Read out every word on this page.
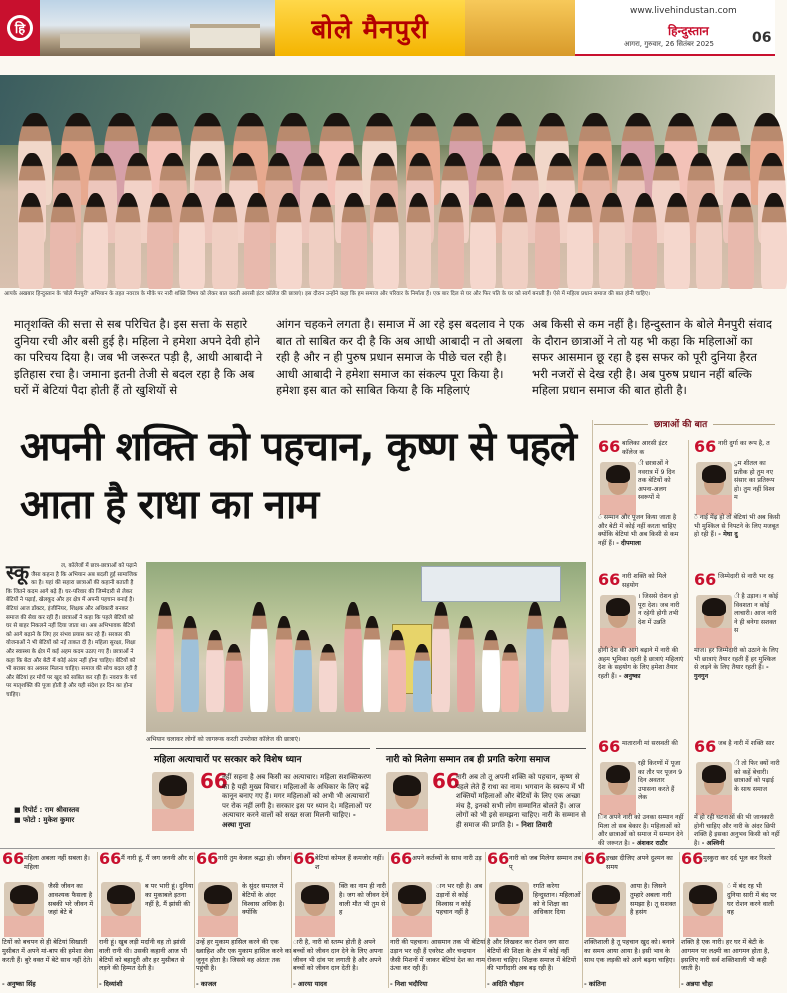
हि	बोले मैनपुरी
www.livehindustan.com
हिन्दुस्तान
आगरा, गुरुवार, 26 सितंबर 2025	06
आपके अखबार हिन्दुस्तान के 'बोले मैनपुरी' अभियान के तहत नवरात्र के मौके पर नारी शक्ति विषय को लेकर बात करती आरसी इंटर कॉलेज की छात्राएं। इस दौरान उन्होंने कहा कि हम समाज और परिवार के निर्माता हैं। एक बार दिल से घर और फिर पति के घर को स्वर्ग बनाती हैं। ऐसे में महिला प्रधान समाज की बात होनी चाहिए।

मातृशक्ति की सत्ता से सब परिचित है। इस सत्ता के सहारे दुनिया रची और बसी हुई है। महिला ने हमेशा अपने देवी होने का परिचय दिया है। जब भी जरूरत पड़ी है, आधी आबादी ने इतिहास रचा है। जमाना इतनी तेजी से बदल रहा है कि अब घरों में बेटियां पैदा होती हैं तो खुशियों से

आंगन चहकने लगता है। समाज में आ रहे इस बदलाव ने एक बात तो साबित कर दी है कि अब आधी आबादी न तो अबला रही है और न ही पुरुष प्रधान समाज के पीछे चल रही है। आधी आबादी ने हमेशा समाज का संकल्प पूरा किया है। हमेशा इस बात को साबित किया है कि महिलाएं

अब किसी से कम नहीं है। हिन्दुस्तान के बोले मैनपुरी संवाद के दौरान छात्राओं ने तो यह भी कहा कि महिलाओं का सफर आसमान छू रहा है इस सफर को पूरी दुनिया हैरत भरी नजरों से देख रही है। अब पुरुष प्रधान नहीं बल्कि महिला प्रधान समाज की बात होती है।

अपनी शक्ति को पहचान, कृष्ण से पहले आता है राधा का नाम

स्कू	ल, कॉलेजों में छात्र-छात्राओं को पढ़ाने जैसा कहना है कि अभियान अब बदली हुई सामाजिक का है। यहां की सहारा छात्राओं की कहानी बताती है कि जितने कदम आगे बढ़े हैं। घर-परिवार की जिम्मेदारी से लेकर बेटियों ने पढ़ाई, खेलकूद और हर क्षेत्र में अपनी पहचान बनाई है। बेटियां आज डॉक्टर, इंजीनियर, शिक्षक और अधिकारी बनकर समाज की सेवा कर रही हैं। छात्राओं ने कहा कि पहले बेटियों को घर से बाहर निकलने नहीं दिया जाता था। अब अभिभावक बेटियों को आगे बढ़ाने के लिए हर संभव प्रयास कर रहे हैं। सरकार की योजनाओं ने भी बेटियों को नई ताकत दी है। महिला सुरक्षा, शिक्षा और स्वास्थ्य के क्षेत्र में कई अहम कदम उठाए गए हैं। छात्राओं ने कहा कि बेटा और बेटी में कोई अंतर नहीं होना चाहिए। बेटियों को भी बराबर का अवसर मिलना चाहिए। समाज की सोच बदल रही है और बेटियां हर मोर्चे पर खुद को साबित कर रही हैं। नवरात्र के पर्व पर मातृशक्ति की पूजा होती है और यही संदेश हर दिन का होना चाहिए।

■ रिपोर्ट : राम श्रीवास्तव
■ फोटो : मुकेश कुमार
अभियान चलाकर लोगों को जागरूक करती उपरोक्त कॉलेज की छात्राएं।
महिला अत्याचारों पर सरकार करे विशेष ध्यान	नारी को मिलेगा सम्मान तब ही प्रगति करेगा समाज
66

नहीं सहना है अब किसी का अत्याचार। महिला सशक्तिकरण का है यही मुख्य विचार। महिलाओं के अधिकार के लिए बढ़ें कानून बनाए गए हैं। मगर महिलाओं को अभी भी अत्याचारों पर रोक नहीं लगी है। सरकार इस पर ध्यान दे। महिलाओं पर अत्याचार करने वालों को सख्त सजा मिलनी चाहिए। - अस्था गुप्ता

66

नारी अब तो तू अपनी शक्ति को पहचान, कृष्ण से पहले लेते हैं राधा का नाम। भगवान के स्वरूप में भी शक्तियों महिलाओं और बेटियों के लिए एक अच्छा मंच है, इनको सभी लोग सम्मानित बोलते हैं। आज लोगों को भी इसे समझना चाहिए। नारी के सम्मान से ही समाज की प्रगति है। - निशा तिवारी

छात्राओं की बात
66 बालिका आरसी इंटर कॉलेज क

ी छात्राओं ने नवरात्र में 9 दिन तक बेटियों को अपना-अलग स्वरूपों मे

ं सम्मान और पूजन किया जाता है और बेटी में कोई नहीं करता चाहिए क्योंकि बेटियां भी अब किसी से कम नहीं हैं। - दीपमाला

66 नारी दुर्गा का रूप है, त

ुम शीतल का प्रतीक हो तुम नए संसार का प्रतिरूप हो। तुम नहीं विश्व म

ें नाई मेंढ़ हो तो बेटियां भी अब किसी भी मुश्किल से निपटने के लिए मजबूत हो रही हैं। - मेघा दु

66 नारी शक्ति को मिले सहयोग

। जिससे रोशन हो पूरा देश। जब नारी न रहेगी होगी तभी देश में उन्नति

होगी देश की आगे बढ़ाने में नारी की अहम भूमिका रहती है छात्राएं महिलाएं देश के सहयोग के लिए हमेशा तैयार रहती हैं। - अनुष्का

66 जिम्मेदारी से नारी भर रह

ी है उड़ान। न कोई विवशता न कोई लाचारी। आज नारी ने ही बनेगा सशक्त स

माज। हर जिम्मेदारी को उठाने के लिए भी छात्राएं तैयार रहती हैं हर मुश्किल से लड़ने के लिए तैयार रहती हैं। - गुनगुन

66 मातारानी मां सरस्वती की

रही किरणों में पूजा का तौर पर पूजन 9 दिन अवतार उपासना करते हैं लेक

िन अपने नारी को उनका सम्मान नहीं मिला तो सब बेकार है। महिलाओं को और छात्राओं को समाज में सम्मान देने की जरूरत है। - अंशकर राठौर

66 जब है नारी में शक्ति सार

ी तो फिर क्यों नारी को कहें बेचारी। छात्राओं को पढ़ाई के साथ समाज

में हो रही घटनाओं की भी जानकारी होनी चाहिए और नारी के अंदर छिपी शक्ति है इसका अनुभव किसी को नहीं है। - अश्विनी

66 महिला अबला नहीं सबला है। महिला

जैसी जीवन का आवश्यक फैसला है सबकी भरे जीवन में जहां बेटे बे

टियों को बचपन से ही बेटियां सिखाती मुसीबत में अपने मां-बाप की हमेशा सेवा करती हैं। बुरे वक्त में बेटे साथ नहीं देते।

- अनुष्का सिंह
66 मैं नारी हूं, मैं जग जननी और स

ब पर भारी हूं। दुनिया का मुकाबले इतना नहीं है, मैं झांसी की

रानी हूं। खुब लड़ी मर्दानी वह तो झांसी वाली रानी थी। उसकी कहानी आज भी बेटियों को बहादुरी और हर मुसीबत से लड़ने की हिम्मत देती है।

- दिव्यांशी
66 नारी तुम केवल श्रद्धा हो। जीवन

के सुंदर समतल में बेटियों के अंदर विश्वास अधिक है। क्योंकि

उन्हें हर मुकाम हासिल करने की एक ख्वाहिश और एक मुकाम हासिल करने का जुनून होता है। जिससे वह अंततः तक पहुंची है।

- काजल
66 बेटियां कोमल हैं कमजोर नहीं। श

क्ति का नाम ही नारी है। जग को जीवन देने वाली मौत भी तुम से ह

ारी है, नारी वो स्तम्भ होती है अपने बच्चों को जीवन दान देने के लिए अपना जीवन भी दांव पर लगाती है और अपने बच्चों को जीवन दान देती है।

- आरया यादव
66 अपने कर्तव्यों के साथ नारी उड़

ान भर रही है। अब उड़ानों से कोई विश्वास न कोई पहचान नहीं है

नारी की पहचान। आसमान तक भी बेटियां उड़ान भर रही हैं एवरेस्ट और चन्द्रयान जैसी मिशनों में जाकर बेटियां देश का नाम ऊंचा कर रही हैं।

- निशा भदौरिया
66 नारी को जब मिलेगा सम्मान तब प्

रगति करेगा हिन्दुस्तान। महिलाओं को वे शिक्षा का अधिकार दिया

है और लिखकर कर रोशन जग सारा बेटियों की शिक्षा के क्षेत्र में कोई नहीं रोकना चाहिए। शिक्षक समाज में बेटियों की भागीदारी अब बढ़ रही है।

- अदिति चौहान
66 इच्छा दीजिए अपने दुश्मन का समय

आया है। जिसने तुम्हारे अबला नारी समझा है। तू सशक्त है हसंग

शक्तिशाली है तू पहचान खुद को। बनाने का समय आया आया है। इसी भाव के साथ एक लड़की को आगे बढ़ना चाहिए।

- कांतिना
66 मुस्कुरा कर दर्द भूल कर रिश्तो

ं में बंद रह भी दुनिया सारी में बंद पर घर रोशन करने वाली वह

शक्ति है एक नारी। हर घर में बेटी के आगमन पर लक्ष्मी का आगमन होता है, इसलिए नारी सर्व शक्तिशाली भी कही जाती है।

- अन्नया चौहा
